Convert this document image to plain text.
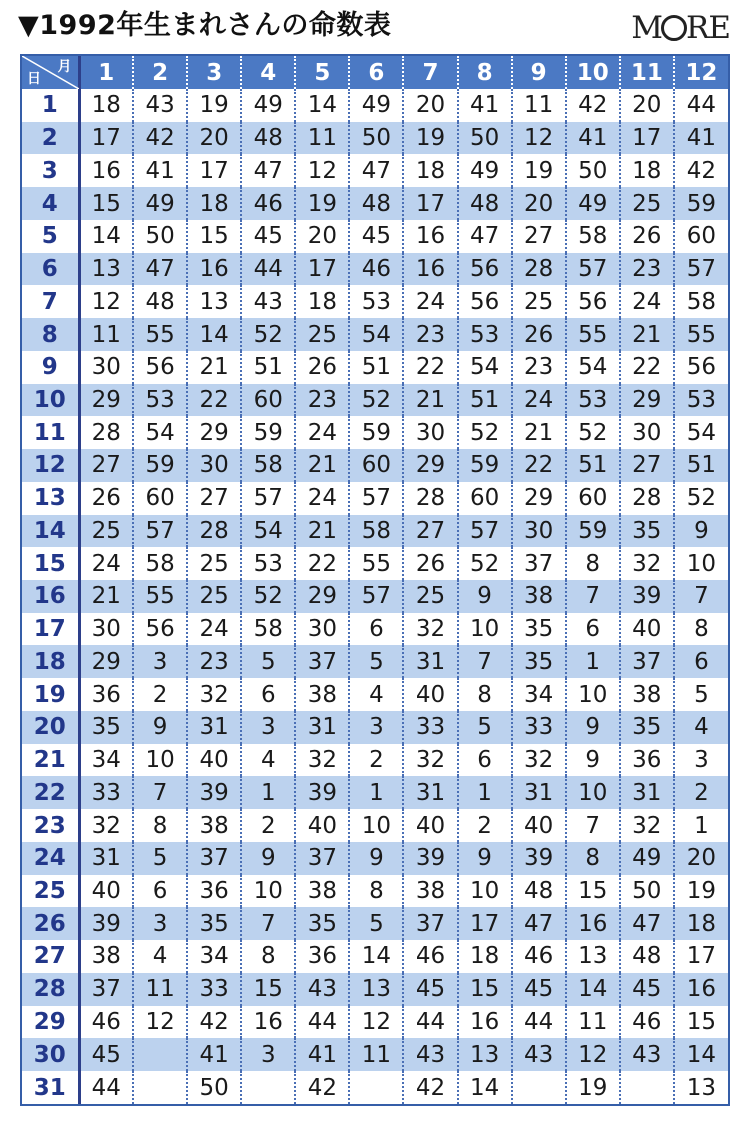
▼1992年生まれさんの命数表	M RE
月
日	1	2	3	4	5	6	7	8	9	10	11	12
1	18	43	19	49	14	49	20	41	11	42	20	44
2	17	42	20	48	11	50	19	50	12	41	17	41
3	16	41	17	47	12	47	18	49	19	50	18	42
4	15	49	18	46	19	48	17	48	20	49	25	59
5	14	50	15	45	20	45	16	47	27	58	26	60
6	13	47	16	44	17	46	16	56	28	57	23	57
7	12	48	13	43	18	53	24	56	25	56	24	58
8	11	55	14	52	25	54	23	53	26	55	21	55
9	30	56	21	51	26	51	22	54	23	54	22	56
10	29	53	22	60	23	52	21	51	24	53	29	53
11	28	54	29	59	24	59	30	52	21	52	30	54
12	27	59	30	58	21	60	29	59	22	51	27	51
13	26	60	27	57	24	57	28	60	29	60	28	52
14	25	57	28	54	21	58	27	57	30	59	35	9
15	24	58	25	53	22	55	26	52	37	8	32	10
16	21	55	25	52	29	57	25	9	38	7	39	7
17	30	56	24	58	30	6	32	10	35	6	40	8
18	29	3	23	5	37	5	31	7	35	1	37	6
19	36	2	32	6	38	4	40	8	34	10	38	5
20	35	9	31	3	31	3	33	5	33	9	35	4
21	34	10	40	4	32	2	32	6	32	9	36	3
22	33	7	39	1	39	1	31	1	31	10	31	2
23	32	8	38	2	40	10	40	2	40	7	32	1
24	31	5	37	9	37	9	39	9	39	8	49	20
25	40	6	36	10	38	8	38	10	48	15	50	19
26	39	3	35	7	35	5	37	17	47	16	47	18
27	38	4	34	8	36	14	46	18	46	13	48	17
28	37	11	33	15	43	13	45	15	45	14	45	16
29	46	12	42	16	44	12	44	16	44	11	46	15
30	45		41	3	41	11	43	13	43	12	43	14
31	44		50		42		42	14		19		13
